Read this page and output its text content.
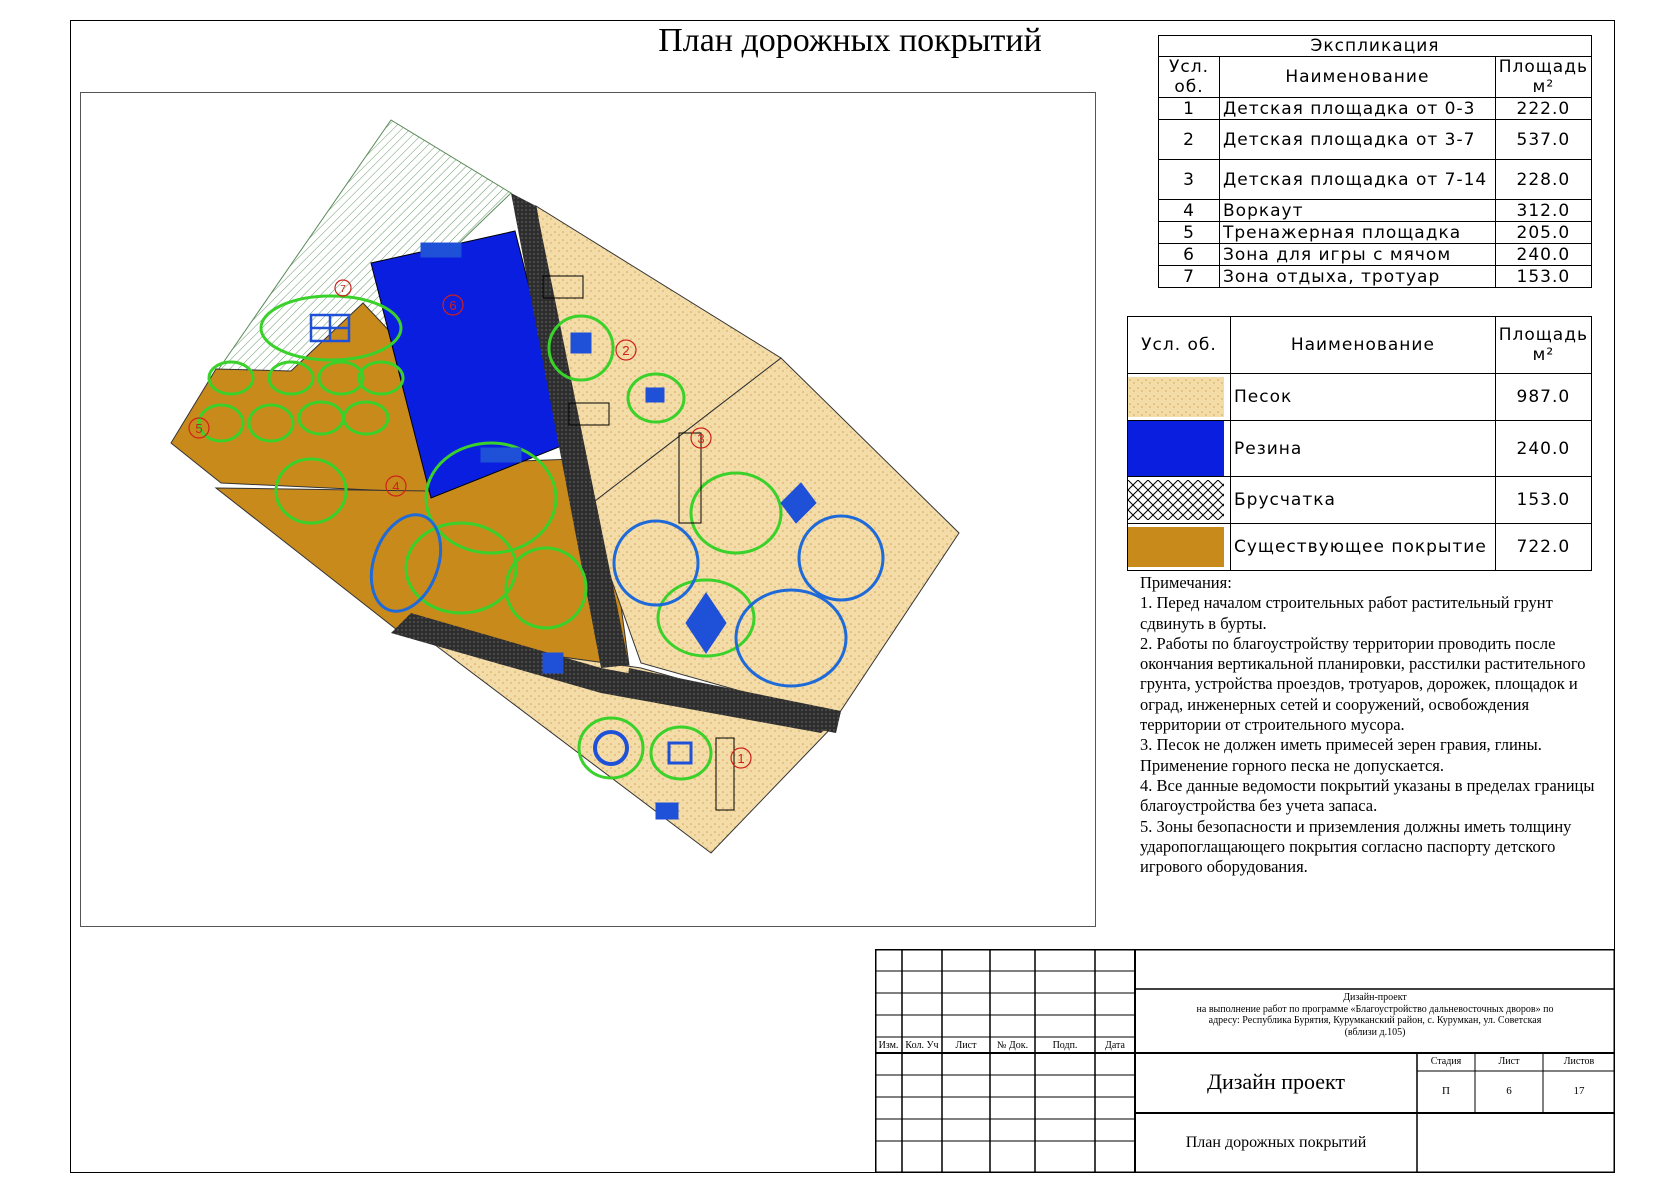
План дорожных покрытий
6
2
3
4
5
1
7
Экспликация		
Усл. об.	Наименование	Площадь м²
1	Детская площадка от 0-3	222.0
2	Детская площадка от 3-7	537.0
3	Детская площадка от 7-14	228.0
4	Воркаут	312.0
5	Тренажерная площадка	205.0
6	Зона для игры с мячом	240.0
7	Зона отдыха, тротуар	153.0
Усл. об.	Наименование	Площадь м²

	Песок	987.0

	Резина	240.0

	Брусчатка	153.0

	Существующее покрытие	722.0
Примечания:
1. Перед началом строительных работ растительный грунт сдвинуть в бурты.
2. Работы по благоустройству территории проводить после окончания вертикальной планировки, расстилки растительного грунта, устройства проездов, тротуаров, дорожек, площадок и оград, инженерных сетей и сооружений, освобождения территории от строительного мусора.
3. Песок не должен иметь примесей зерен гравия, глины. Применение горного песка не допускается.
4. Все данные ведомости покрытий указаны в пределах границы благоустройства без учета запаса.
5. Зоны безопасности и приземления должны иметь толщину ударопоглащающего покрытия согласно паспорту детского игрового оборудования.
Изм. Кол. Уч	Лист	№ Док.	Подп.	Дата
Дизайн-проект
на выполнение работ по программе «Благоустройство дальневосточных дворов» по
адресу: Республика Бурятия, Курумканский район, с. Курумкан, ул. Советская
(вблизи д.105)
Дизайн проект
Стадия	Лист	Листов
П	6	17
План дорожных покрытий
